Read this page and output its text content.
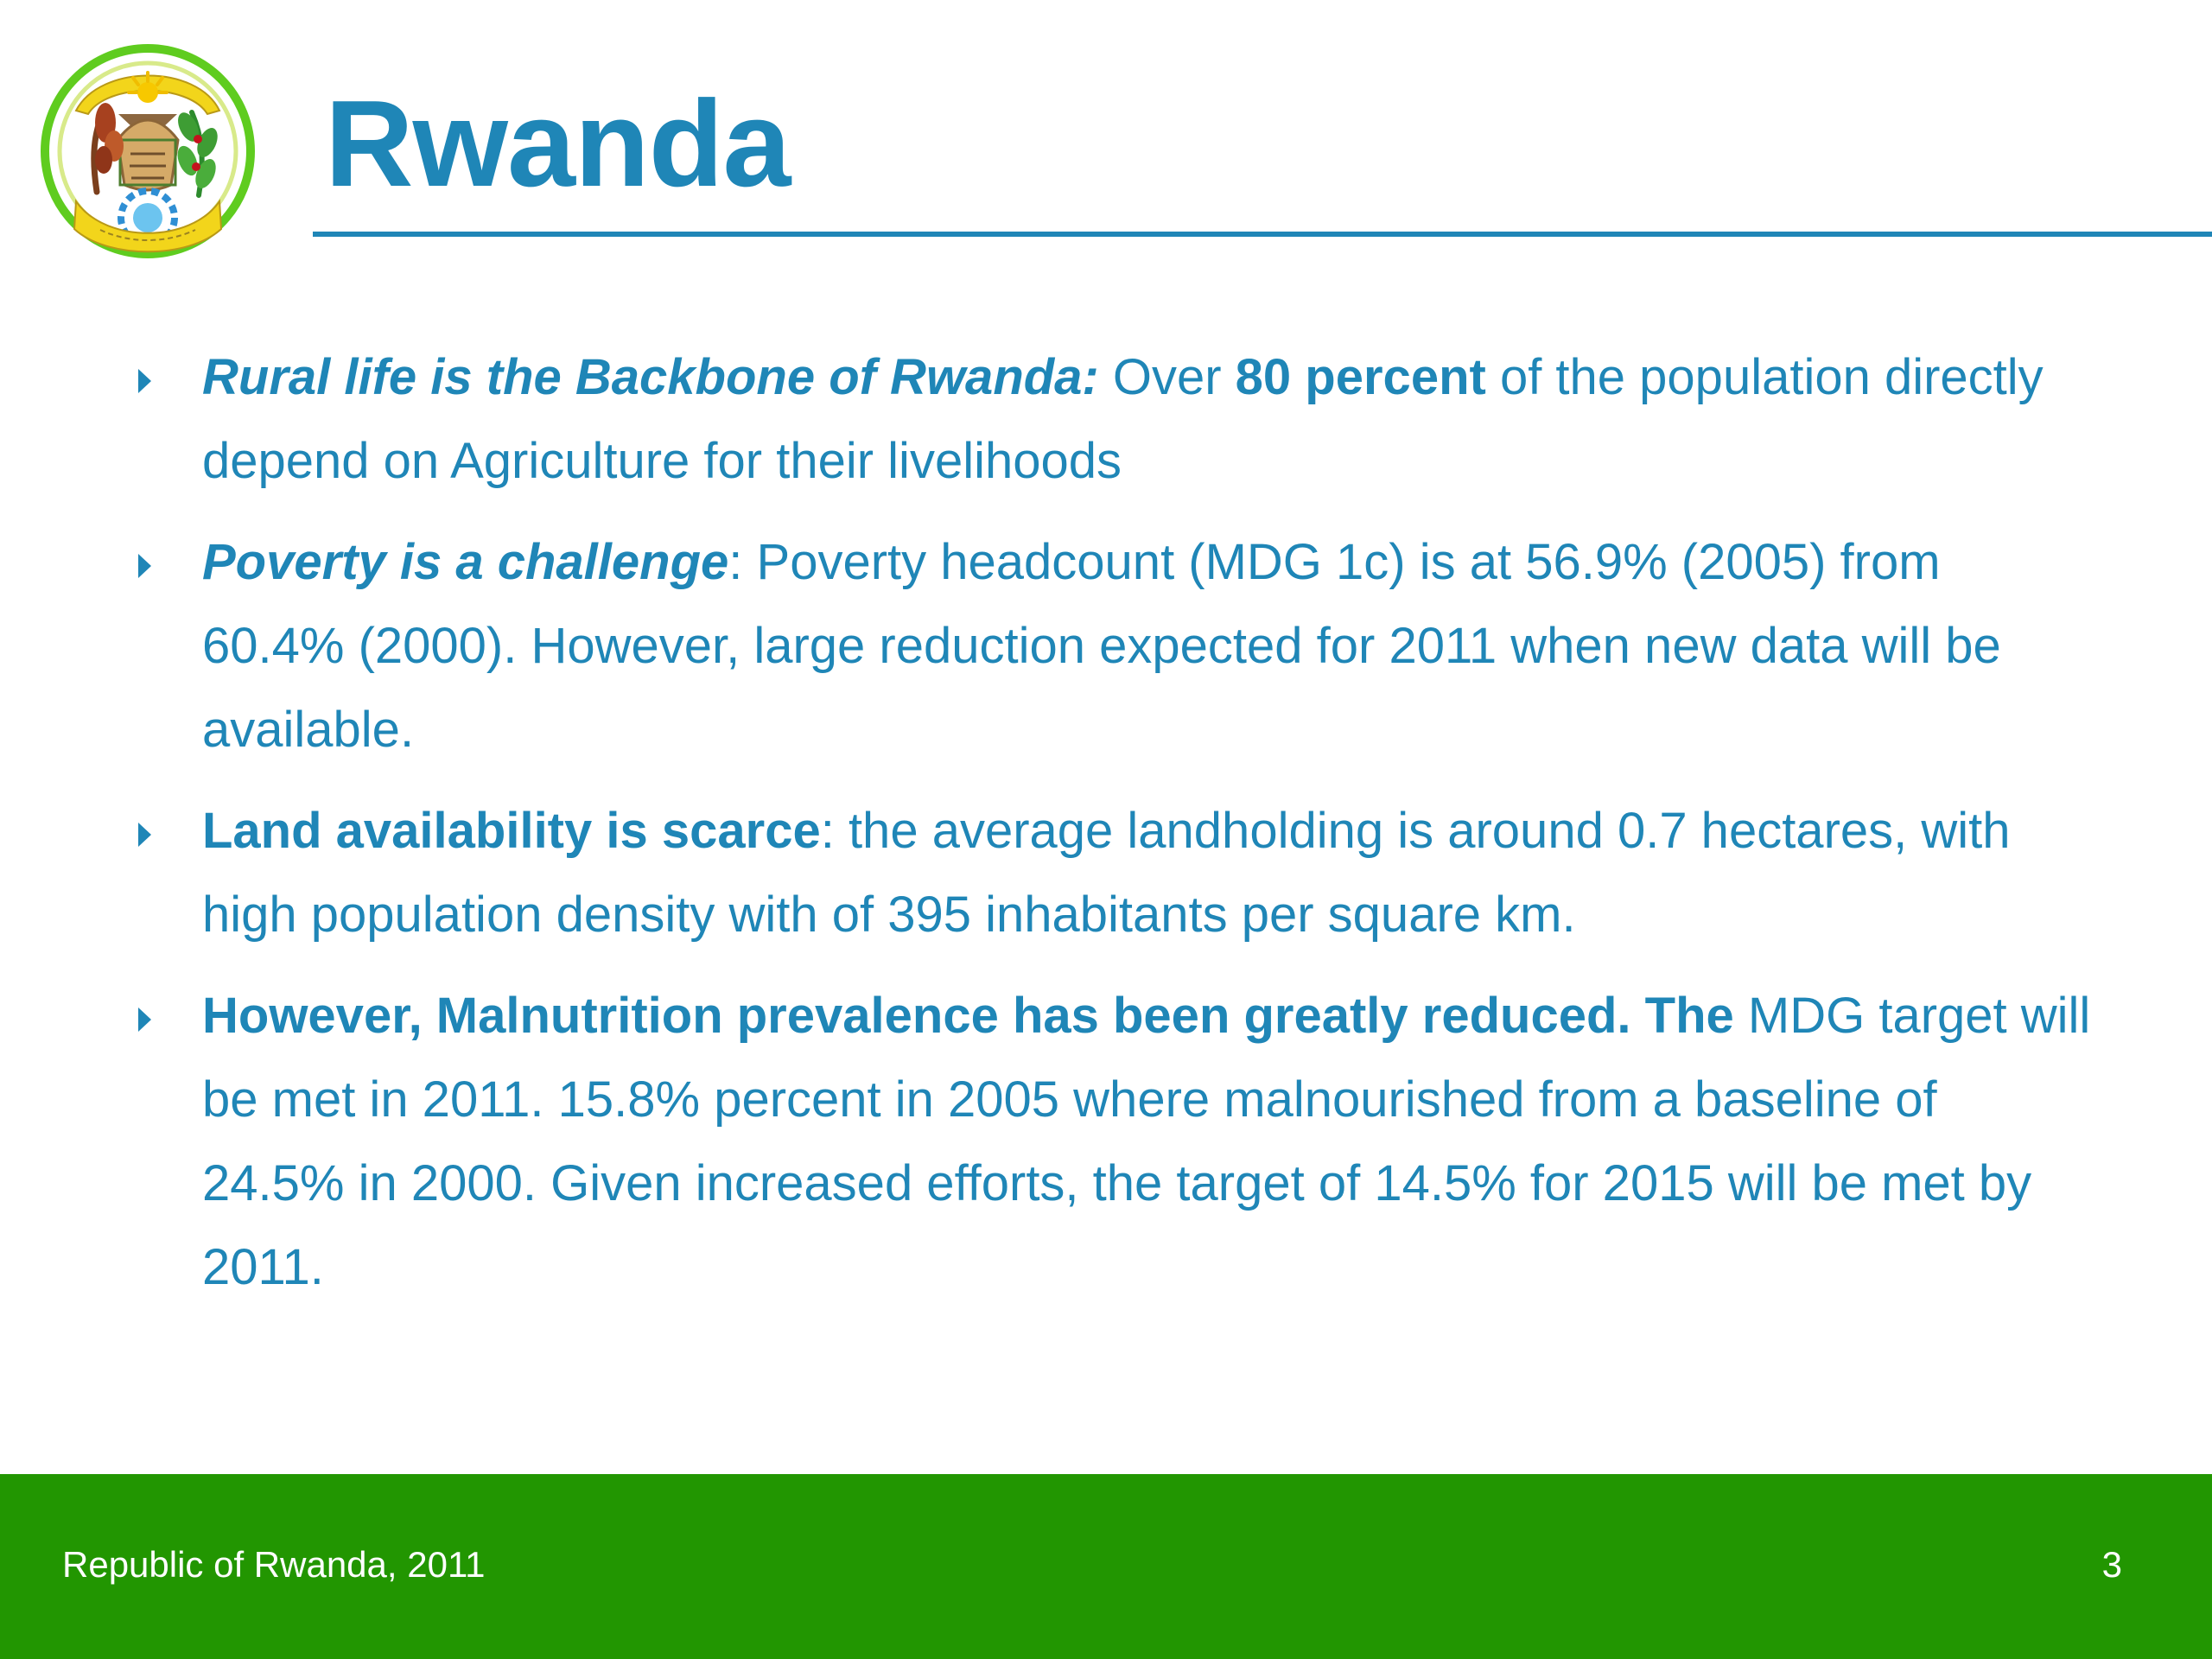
Rwanda
Rural life is the Backbone of Rwanda: Over 80 percent of the population directly depend on Agriculture for their livelihoods
Poverty is a challenge: Poverty headcount (MDG 1c) is at 56.9% (2005) from 60.4% (2000). However, large reduction expected for 2011 when new data will be available.
Land availability is scarce: the average landholding is around 0.7 hectares, with high population density with of 395 inhabitants per square km.
However, Malnutrition prevalence has been greatly reduced. The MDG target will be met in 2011. 15.8% percent in 2005 where malnourished from a baseline of 24.5% in 2000. Given increased efforts, the target of 14.5% for 2015 will be met by 2011.
Republic of Rwanda, 2011	3
